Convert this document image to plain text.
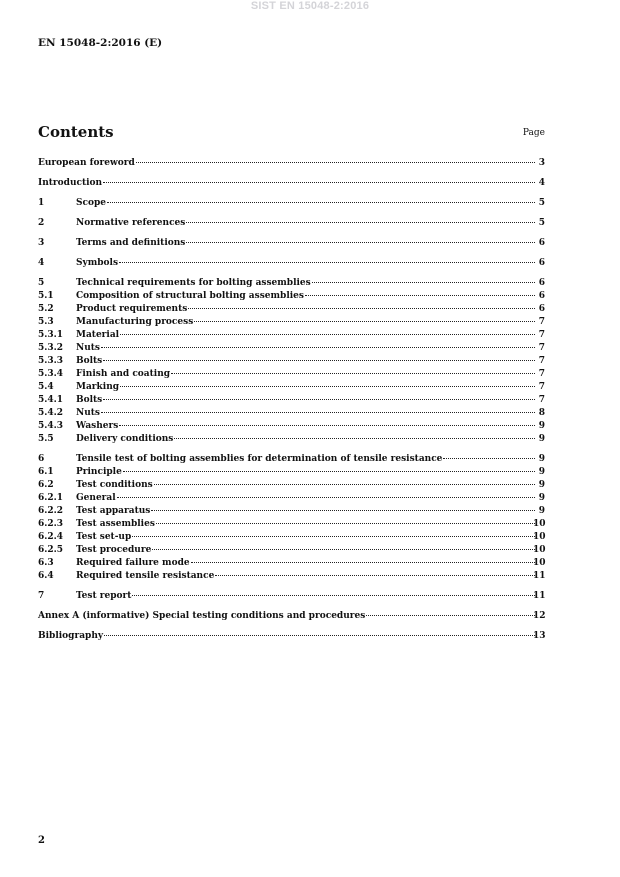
SIST EN 15048-2:2016
EN 15048-2:2016 (E)
Contents	Page
European foreword	3
Introduction	4
1	Scope	5
2	Normative references	5
3	Terms and definitions	6
4	Symbols	6
5	Technical requirements for bolting assemblies	6
5.1	Composition of structural bolting assemblies	6
5.2	Product requirements	6
5.3	Manufacturing process	7
5.3.1	Material	7
5.3.2	Nuts	7
5.3.3	Bolts	7
5.3.4	Finish and coating	7
5.4	Marking	7
5.4.1	Bolts	7
5.4.2	Nuts	8
5.4.3	Washers	9
5.5	Delivery conditions	9
6	Tensile test of bolting assemblies for determination of tensile resistance	9
6.1	Principle	9
6.2	Test conditions	9
6.2.1	General	9
6.2.2	Test apparatus	9
6.2.3	Test assemblies	10
6.2.4	Test set-up	10
6.2.5	Test procedure	10
6.3	Required failure mode	10
6.4	Required tensile resistance	11
7	Test report	11
Annex A (informative) Special testing conditions and procedures	12
Bibliography	13
2
